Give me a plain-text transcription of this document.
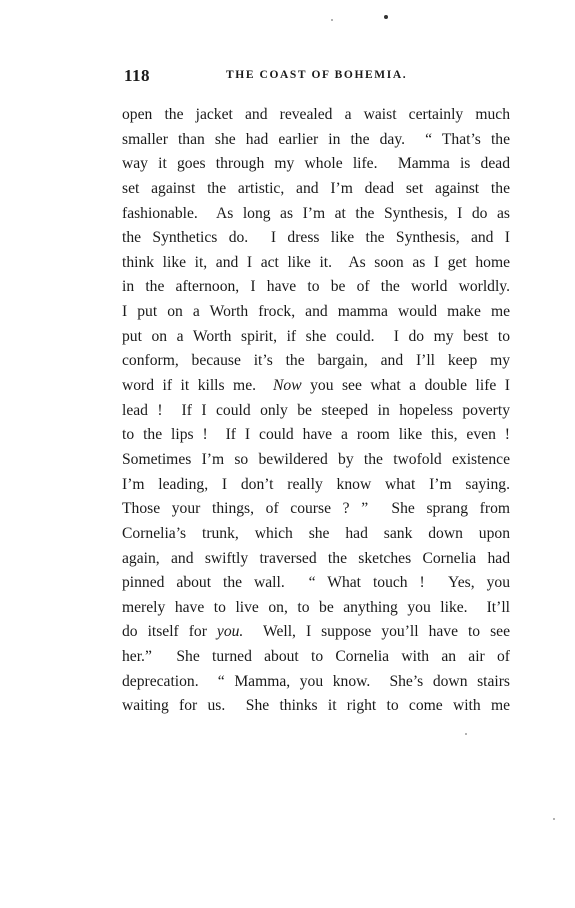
118	THE COAST OF BOHEMIA.
open the jacket and revealed a waist certainly much
smaller than she had earlier in the day.  “ That’s the
way it goes through my whole life.  Mamma is dead
set against the artistic, and I’m dead set against the
fashionable.  As long as I’m at the Synthesis, I do as
the Synthetics do.  I dress like the Synthesis, and I
think like it, and I act like it.  As soon as I get home
in the afternoon, I have to be of the world worldly.
I put on a Worth frock, and mamma would make me
put on a Worth spirit, if she could.  I do my best to
conform, because it’s the bargain, and I’ll keep my
word if it kills me.  Now you see what a double life I
lead !  If I could only be steeped in hopeless poverty
to the lips !  If I could have a room like this, even !
Sometimes I’m so bewildered by the twofold existence
I’m leading, I don’t really know what I’m saying.
Those your things, of course ? ”  She sprang from
Cornelia’s trunk, which she had sank down upon
again, and swiftly traversed the sketches Cornelia had
pinned about the wall.  “ What touch !  Yes, you
merely have to live on, to be anything you like.  It’ll
do itself for you.  Well, I suppose you’ll have to see
her.”  She turned about to Cornelia with an air of
deprecation.  “ Mamma, you know.  She’s down stairs
waiting for us.  She thinks it right to come with me
